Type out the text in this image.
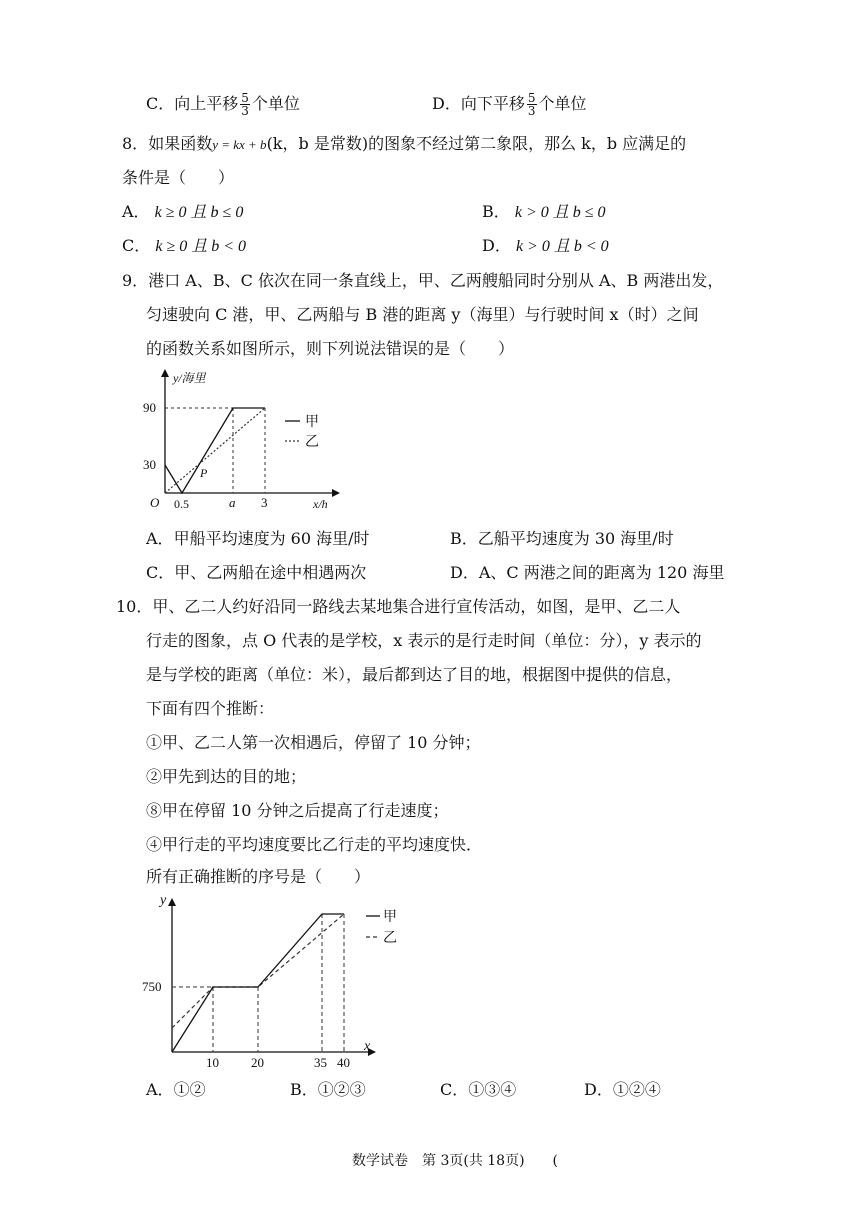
C．向上平移 $\frac{5}{3}$ 个单位	D．向下平移 $\frac{5}{3}$ 个单位
8．如果函数y = kx + b(k，b 是常数)的图象不经过第二象限，那么 k，b 应满足的
条件是（　　）
A． k ≥ 0 且 b ≤ 0	B． k > 0 且 b ≤ 0
C． k ≥ 0 且 b < 0	D． k > 0 且 b < 0
9．港口 A、B、C 依次在同一条直线上，甲、乙两艘船同时分别从 A、B 两港出发，
匀速驶向 C 港，甲、乙两船与 B 港的距离 y（海里）与行驶时间 x（时）之间
的函数关系如图所示，则下列说法错误的是（　　）
y/海里
90
30
O 0.5	a 3	x/h
P
甲
乙
A．甲船平均速度为 60 海里/时	B．乙船平均速度为 30 海里/时
C．甲、乙两船在途中相遇两次	D．A、C 两港之间的距离为 120 海里
10．甲、乙二人约好沿同一路线去某地集合进行宣传活动，如图，是甲、乙二人
行走的图象，点 O 代表的是学校，x 表示的是行走时间（单位：分），y 表示的
是与学校的距离（单位：米），最后都到达了目的地，根据图中提供的信息，
下面有四个推断：
①甲、乙二人第一次相遇后，停留了 10 分钟；
②甲先到达的目的地；
⑧甲在停留 10 分钟之后提高了行走速度；
④甲行走的平均速度要比乙行走的平均速度快．
所有正确推断的序号是（　　）
y
750
10 20	35 40
x
甲
乙
A．①②	B．①②③	C．①③④	D．①②④
数学试卷　第 3页(共 18页)　　(
